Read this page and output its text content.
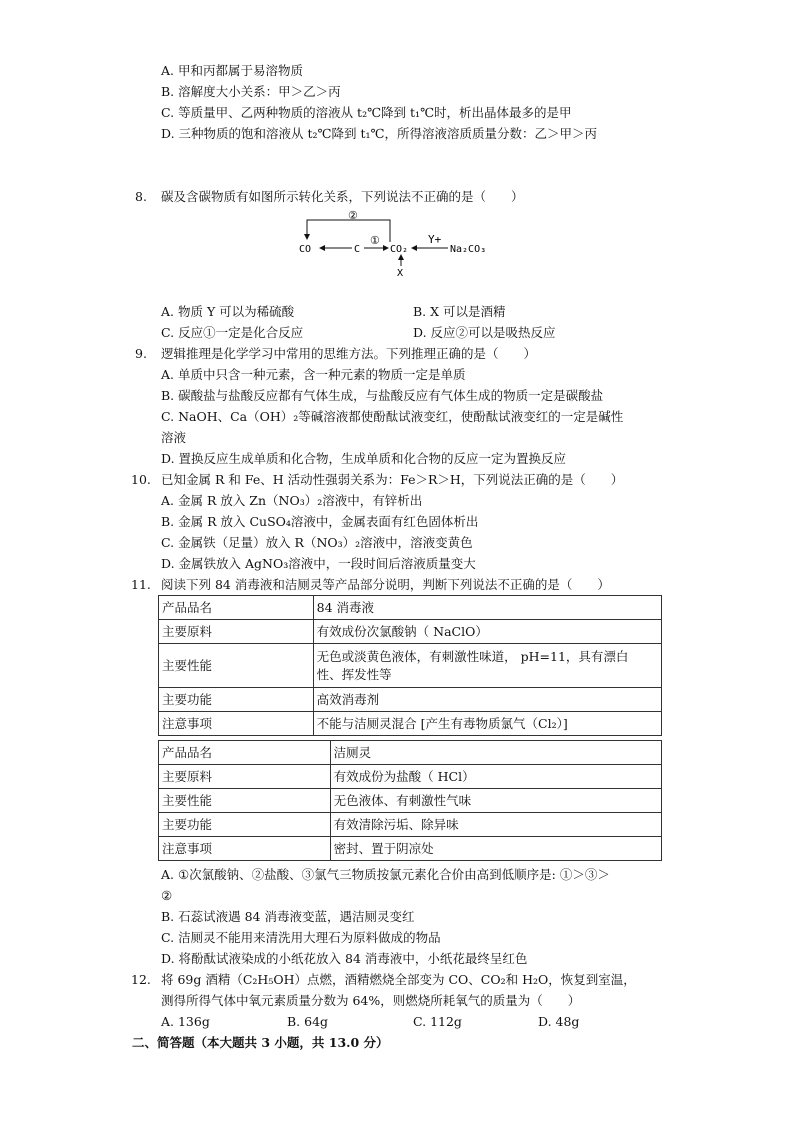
A. 甲和丙都属于易溶物质
B. 溶解度大小关系：甲＞乙＞丙
C. 等质量甲、乙两种物质的溶液从 t₂℃降到 t₁℃时，析出晶体最多的是甲
D. 三种物质的饱和溶液从 t₂℃降到 t₁℃，所得溶液溶质质量分数：乙＞甲＞丙
8. 碳及含碳物质有如图所示转化关系，下列说法不正确的是（　　）
②
①	Y+
X
CO	C	CO₂	Na₂CO₃
A. 物质 Y 可以为稀硫酸	B. X 可以是酒精
C. 反应①一定是化合反应	D. 反应②可以是吸热反应
9. 逻辑推理是化学学习中常用的思维方法。下列推理正确的是（　　）
A. 单质中只含一种元素，含一种元素的物质一定是单质
B. 碳酸盐与盐酸反应都有气体生成，与盐酸反应有气体生成的物质一定是碳酸盐
C. NaOH、Ca（OH）₂等碱溶液都使酚酞试液变红，使酚酞试液变红的一定是碱性
溶液
D. 置换反应生成单质和化合物，生成单质和化合物的反应一定为置换反应
10. 已知金属 R 和 Fe、H 活动性强弱关系为：Fe＞R＞H，下列说法正确的是（　　）
A. 金属 R 放入 Zn（NO₃）₂溶液中，有锌析出
B. 金属 R 放入 CuSO₄溶液中，金属表面有红色固体析出
C. 金属铁（足量）放入 R（NO₃）₂溶液中，溶液变黄色
D. 金属铁放入 AgNO₃溶液中，一段时间后溶液质量变大
11. 阅读下列 84 消毒液和洁厕灵等产品部分说明，判断下列说法不正确的是（　　）
产品品名	84 消毒液
主要原料	有效成份次氯酸钠（ NaClO）
主要性能	无色或淡黄色液体，有刺激性味道， pH=11，具有漂白
性、挥发性等

主要功能	高效消毒剂
注意事项	不能与洁厕灵混合 [产生有毒物质氯气（Cl₂）]
产品品名	洁厕灵
主要原料	有效成份为盐酸（ HCl）
主要性能	无色液体、有刺激性气味
主要功能	有效清除污垢、除异味
注意事项	密封、置于阴凉处
A. ①次氯酸钠、②盐酸、③氯气三物质按氯元素化合价由高到低顺序是: ①＞③＞
②
B. 石蕊试液遇 84 消毒液变蓝，遇洁厕灵变红
C. 洁厕灵不能用来清洗用大理石为原料做成的物品
D. 将酚酞试液染成的小纸花放入 84 消毒液中，小纸花最终呈红色
12. 将 69g 酒精（C₂H₅OH）点燃，酒精燃烧全部变为 CO、CO₂和 H₂O，恢复到室温，
测得所得气体中氧元素质量分数为 64%，则燃烧所耗氧气的质量为（　　）
A. 136g	B. 64g	C. 112g	D. 48g
二、简答题（本大题共 3 小题，共 13.0 分）
